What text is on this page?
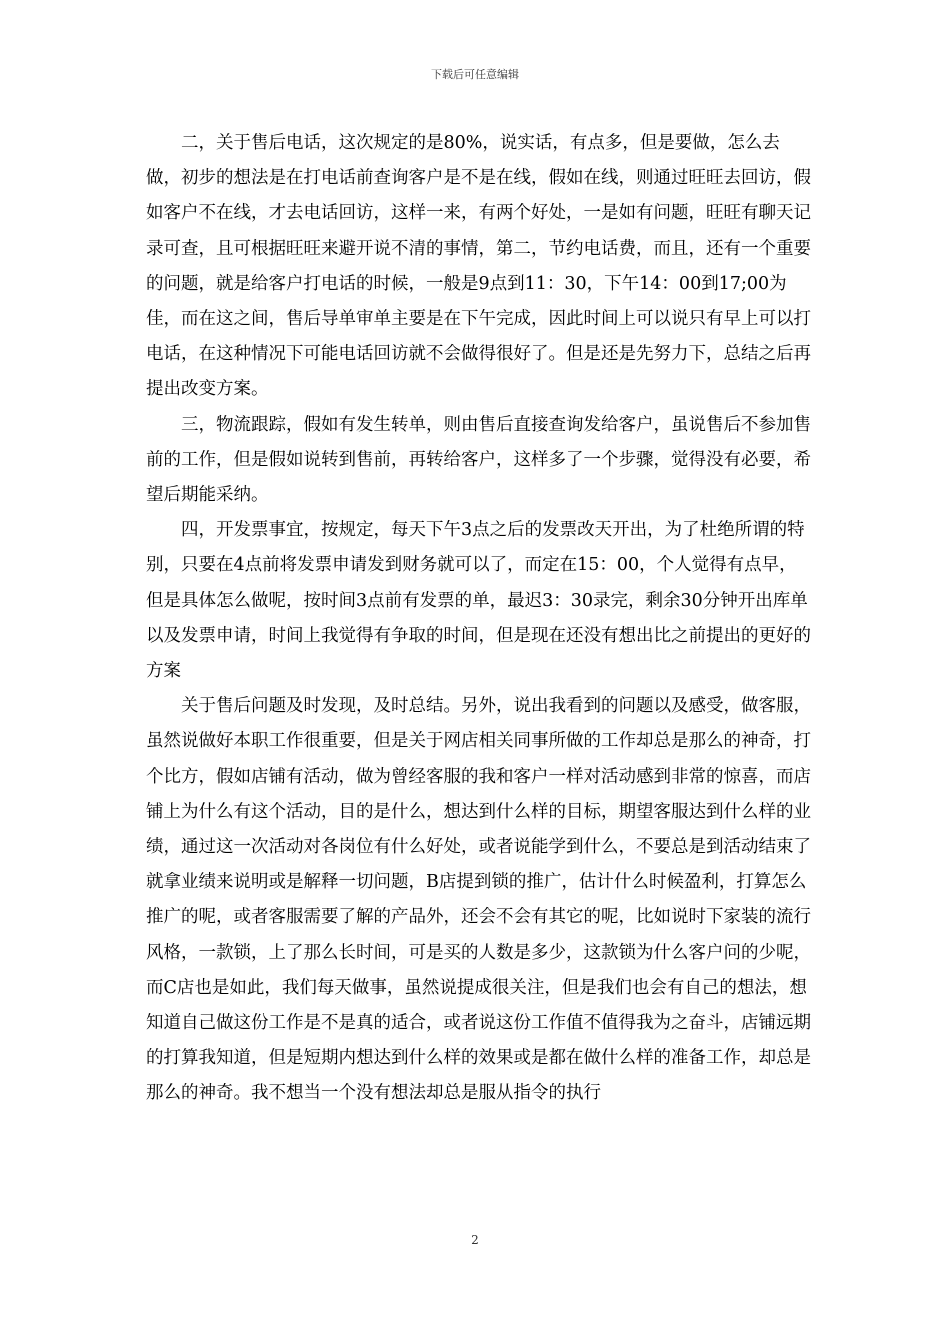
下载后可任意编辑

二，关于售后电话，这次规定的是80%，说实话，有点多，但是要做，怎么去做，初步的想法是在打电话前查询客户是不是在线，假如在线，则通过旺旺去回访，假如客户不在线，才去电话回访，这样一来，有两个好处，一是如有问题，旺旺有聊天记录可查，且可根据旺旺来避开说不清的事情，第二，节约电话费，而且，还有一个重要的问题，就是给客户打电话的时候，一般是9点到11：30，下午14：00到17;00为佳，而在这之间，售后导单审单主要是在下午完成，因此时间上可以说只有早上可以打电话，在这种情况下可能电话回访就不会做得很好了。但是还是先努力下，总结之后再提出改变方案。

三，物流跟踪，假如有发生转单，则由售后直接查询发给客户，虽说售后不参加售前的工作，但是假如说转到售前，再转给客户，这样多了一个步骤，觉得没有必要，希望后期能采纳。

四，开发票事宜，按规定，每天下午3点之后的发票改天开出，为了杜绝所谓的特别，只要在4点前将发票申请发到财务就可以了，而定在15：00，个人觉得有点早，但是具体怎么做呢，按时间3点前有发票的单，最迟3：30录完，剩余30分钟开出库单以及发票申请，时间上我觉得有争取的时间，但是现在还没有想出比之前提出的更好的方案

关于售后问题及时发现，及时总结。另外，说出我看到的问题以及感受，做客服，虽然说做好本职工作很重要，但是关于网店相关同事所做的工作却总是那么的神奇，打个比方，假如店铺有活动，做为曾经客服的我和客户一样对活动感到非常的惊喜，而店铺上为什么有这个活动，目的是什么，想达到什么样的目标，期望客服达到什么样的业绩，通过这一次活动对各岗位有什么好处，或者说能学到什么，不要总是到活动结束了就拿业绩来说明或是解释一切问题，B店提到锁的推广，估计什么时候盈利，打算怎么推广的呢，或者客服需要了解的产品外，还会不会有其它的呢，比如说时下家装的流行风格，一款锁，上了那么长时间，可是买的人数是多少，这款锁为什么客户问的少呢，而C店也是如此，我们每天做事，虽然说提成很关注，但是我们也会有自己的想法，想知道自己做这份工作是不是真的适合，或者说这份工作值不值得我为之奋斗，店铺远期的打算我知道，但是短期内想达到什么样的效果或是都在做什么样的准备工作，却总是那么的神奇。我不想当一个没有想法却总是服从指令的执行

2
